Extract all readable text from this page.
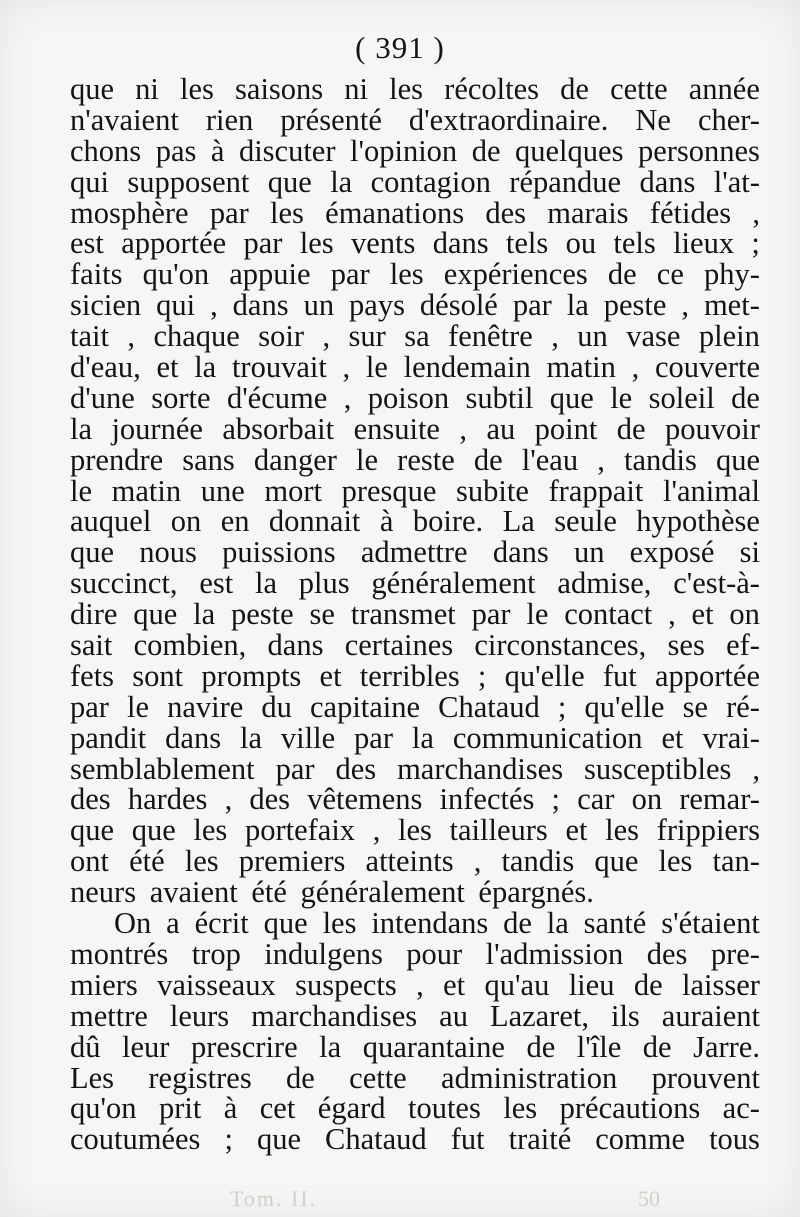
( 391 )
que ni les saisons ni les récoltes de cette année
n'avaient rien présenté d'extraordinaire. Ne cher-
chons pas à discuter l'opinion de quelques personnes
qui supposent que la contagion répandue dans l'at-
mosphère par les émanations des marais fétides ,
est apportée par les vents dans tels ou tels lieux ;
faits qu'on appuie par les expériences de ce phy-
sicien qui , dans un pays désolé par la peste , met-
tait , chaque soir , sur sa fenêtre , un vase plein
d'eau, et la trouvait , le lendemain matin , couverte
d'une sorte d'écume , poison subtil que le soleil de
la journée absorbait ensuite , au point de pouvoir
prendre sans danger le reste de l'eau , tandis que
le matin une mort presque subite frappait l'animal
auquel on en donnait à boire. La seule hypothèse
que nous puissions admettre dans un exposé si
succinct, est la plus généralement admise, c'est-à-
dire que la peste se transmet par le contact , et on
sait combien, dans certaines circonstances, ses ef-
fets sont prompts et terribles ; qu'elle fut apportée
par le navire du capitaine Chataud ; qu'elle se ré-
pandit dans la ville par la communication et vrai-
semblablement par des marchandises susceptibles ,
des hardes , des vêtemens infectés ; car on remar-
que que les portefaix , les tailleurs et les frippiers
ont été les premiers atteints , tandis que les tan-
neurs avaient été généralement épargnés.
On a écrit que les intendans de la santé s'étaient
montrés trop indulgens pour l'admission des pre-
miers vaisseaux suspects , et qu'au lieu de laisser
mettre leurs marchandises au Lazaret, ils auraient
dû leur prescrire la quarantaine de l'île de Jarre.
Les registres de cette administration prouvent
qu'on prit à cet égard toutes les précautions ac-
coutumées ; que Chataud fut traité comme tous
Tom. II.	50
